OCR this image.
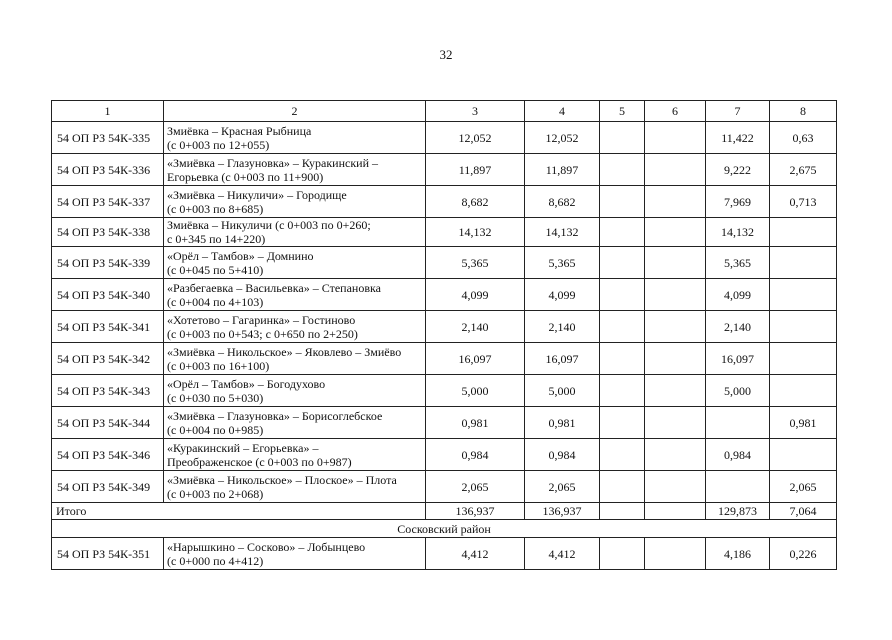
32
1	2	3	4	5	6	7	8
54 ОП РЗ 54К-335	Змиёвка – Красная Рыбница
(с 0+003 по 12+055)	12,052	12,052			11,422	0,63
54 ОП РЗ 54К-336	«Змиёвка – Глазуновка» – Куракинский –
Егорьевка (с 0+003 по 11+900)	11,897	11,897			9,222	2,675
54 ОП РЗ 54К-337	«Змиёвка – Никуличи» – Городище
(с 0+003 по 8+685)	8,682	8,682			7,969	0,713
54 ОП РЗ 54К-338	Змиёвка – Никуличи (с 0+003 по 0+260;
с 0+345 по 14+220)	14,132	14,132			14,132	
54 ОП РЗ 54К-339	«Орёл – Тамбов» – Домнино
(с 0+045 по 5+410)	5,365	5,365			5,365	
54 ОП РЗ 54К-340	«Разбегаевка – Васильевка» – Степановка
(с 0+004 по 4+103)	4,099	4,099			4,099	
54 ОП РЗ 54К-341	«Хотетово – Гагаринка» – Гостиново
(с 0+003 по 0+543; с 0+650 по 2+250)	2,140	2,140			2,140	
54 ОП РЗ 54К-342	«Змиёвка – Никольское» – Яковлево – Змиёво
(с 0+003 по 16+100)	16,097	16,097			16,097	
54 ОП РЗ 54К-343	«Орёл – Тамбов» – Богодухово
(с 0+030 по 5+030)	5,000	5,000			5,000	
54 ОП РЗ 54К-344	«Змиёвка – Глазуновка» – Борисоглебское
(с 0+004 по 0+985)	0,981	0,981				0,981
54 ОП РЗ 54К-346	«Куракинский – Егорьевка» –
Преображенское (с 0+003 по 0+987)	0,984	0,984			0,984	
54 ОП РЗ 54К-349	«Змиёвка – Никольское» – Плоское» – Плота
(с 0+003 по 2+068)	2,065	2,065				2,065
Итого		136,937	136,937			129,873	7,064
Сосковский район							
54 ОП РЗ 54К-351	«Нарышкино – Сосково» – Лобынцево
(с 0+000 по 4+412)	4,412	4,412			4,186	0,226
